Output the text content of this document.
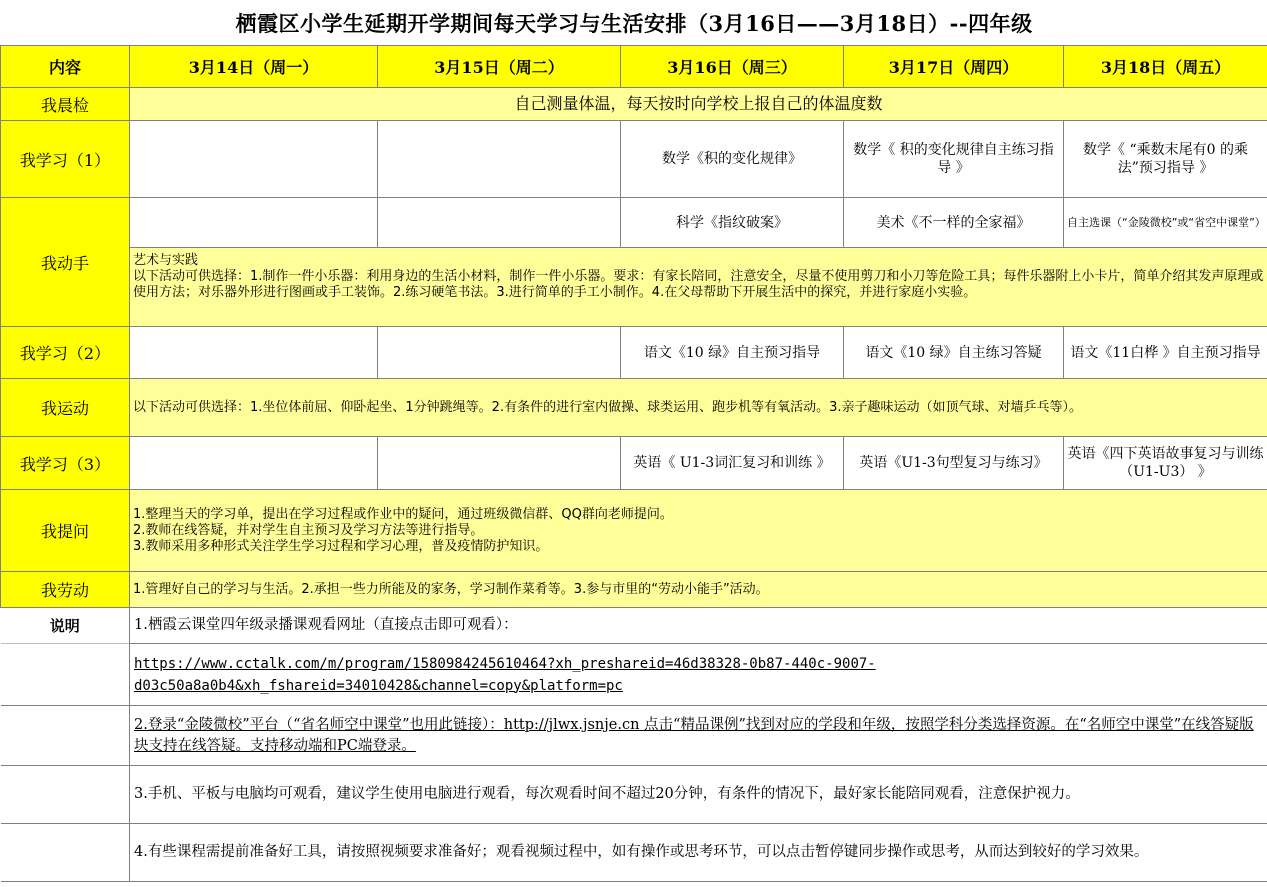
栖霞区小学生延期开学期间每天学习与生活安排（3月16日——3月18日）--四年级					
内容	3月14日（周一）	3月15日（周二）	3月16日（周三）	3月17日（周四）	3月18日（周五）
我晨检	自己测量体温，每天按时向学校上报自己的体温度数				
我学习（1）			数学《积的变化规律》	数学《 积的变化规律自主练习指导 》	数学《 “乘数末尾有0 的乘法”预习指导 》
我动手			科学《指纹破案》	美术《不一样的全家福》	自主选课（“金陵微校”或“省空中课堂”）

	艺术与实践
以下活动可供选择：1.制作一件小乐器：利用身边的生活小材料，制作一件小乐器。要求：有家长陪同，注意安全，尽量不使用剪刀和小刀等危险工具；每件乐器附上小卡片，简单介绍其发声原理或使用方法；对乐器外形进行图画或手工装饰。2.练习硬笔书法。3.进行简单的手工小制作。4.在父母帮助下开展生活中的探究，并进行家庭小实验。				

我学习（2）			语文《10 绿》自主预习指导	语文《10 绿》自主练习答疑	语文《11白桦 》自主预习指导
我运动	以下活动可供选择：1.坐位体前屈、仰卧起坐、1分钟跳绳等。2.有条件的进行室内做操、球类运用、跑步机等有氧活动。3.亲子趣味运动（如顶气球、对墙乒乓等）。				
我学习（3）			英语《 U1-3词汇复习和训练 》	英语《U1-3句型复习与练习》	英语《四下英语故事复习与训练（U1-U3） 》
我提问	1.整理当天的学习单，提出在学习过程或作业中的疑问，通过班级微信群、QQ群向老师提问。
2.教师在线答疑，并对学生自主预习及学习方法等进行指导。
3.教师采用多种形式关注学生学习过程和学习心理，普及疫情防护知识。				

我劳动	1.管理好自己的学习与生活。2.承担一些力所能及的家务，学习制作菜肴等。3.参与市里的“劳动小能手”活动。				
说明	1.栖霞云课堂四年级录播课观看网址（直接点击即可观看）：				

	https://www.cctalk.com/m/program/1580984245610464?xh_preshareid=46d38328-0b87-440c-9007-
d03c50a8a0b4&xh_fshareid=34010428&channel=copy&platform=pc				

	2.登录“金陵微校”平台（“省名师空中课堂”也用此链接）：http://jlwx.jsnje.cn 点击“精品课例”找到对应的学段和年级，按照学科分类选择资源。在“名师空中课堂”在线答疑版块支持在线答疑。支持移动端和PC端登录。				
	3.手机、平板与电脑均可观看，建议学生使用电脑进行观看，每次观看时间不超过20分钟，有条件的情况下，最好家长能陪同观看，注意保护视力。				
	4.有些课程需提前准备好工具，请按照视频要求准备好；观看视频过程中，如有操作或思考环节，可以点击暂停键同步操作或思考，从而达到较好的学习效果。				
